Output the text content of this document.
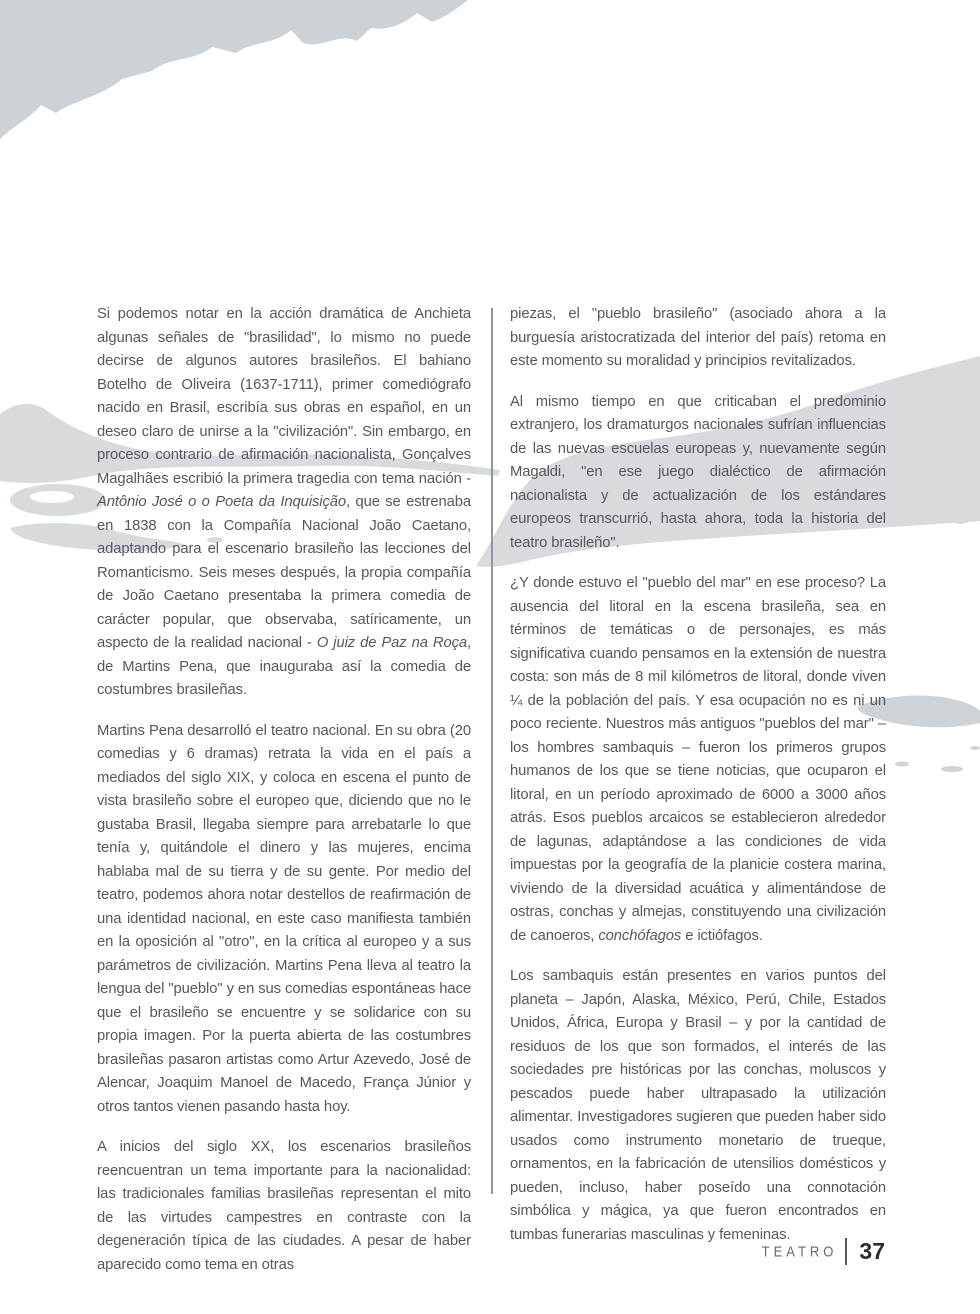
Si podemos notar en la acción dramática de Anchieta algunas señales de "brasilidad", lo mismo no puede decirse de algunos autores brasileños. El bahiano Botelho de Oliveira (1637-1711), primer comediógrafo nacido en Brasil, escribía sus obras en español, en un deseo claro de unirse a la "civilización". Sin embargo, en proceso contrario de afirmación nacionalista, Gonçalves Magalhães escribió la primera tragedia con tema nación - Antônio José o o Poeta da Inquisição, que se estrenaba en 1838 con la Compañía Nacional João Caetano, adaptando para el escenario brasileño las lecciones del Romanticismo. Seis meses después, la propia compañía de João Caetano presentaba la primera comedia de carácter popular, que observaba, satíricamente, un aspecto de la realidad nacional - O juiz de Paz na Roça, de Martins Pena, que inauguraba así la comedia de costumbres brasileñas.

Martins Pena desarrolló el teatro nacional. En su obra (20 comedias y 6 dramas) retrata la vida en el país a mediados del siglo XIX, y coloca en escena el punto de vista brasileño sobre el europeo que, diciendo que no le gustaba Brasil, llegaba siempre para arrebatarle lo que tenía y, quitándole el dinero y las mujeres, encima hablaba mal de su tierra y de su gente. Por medio del teatro, podemos ahora notar destellos de reafirmación de una identidad nacional, en este caso manifiesta también en la oposición al "otro", en la crítica al europeo y a sus parámetros de civilización. Martins Pena lleva al teatro la lengua del "pueblo" y en sus comedias espontáneas hace que el brasileño se encuentre y se solidarice con su propia imagen. Por la puerta abierta de las costumbres brasileñas pasaron artistas como Artur Azevedo, José de Alencar, Joaquim Manoel de Macedo, França Júnior y otros tantos vienen pasando hasta hoy.

A inicios del siglo XX, los escenarios brasileños reencuentran un tema importante para la nacionalidad: las tradicionales familias brasileñas representan el mito de las virtudes campestres en contraste con la degeneración típica de las ciudades. A pesar de haber aparecido como tema en otras

piezas, el "pueblo brasileño" (asociado ahora a la burguesía aristocratizada del interior del país) retoma en este momento su moralidad y principios revitalizados.

Al mismo tiempo en que criticaban el predominio extranjero, los dramaturgos nacionales sufrían influencias de las nuevas escuelas europeas y, nuevamente según Magaldi, "en ese juego dialéctico de afirmación nacionalista y de actualización de los estándares europeos transcurrió, hasta ahora, toda la historia del teatro brasileño".

¿Y donde estuvo el "pueblo del mar" en ese proceso? La ausencia del litoral en la escena brasileña, sea en términos de temáticas o de personajes, es más significativa cuando pensamos en la extensión de nuestra costa: son más de 8 mil kilómetros de litoral, donde viven ¼ de la población del país. Y esa ocupación no es ni un poco reciente. Nuestros más antiguos "pueblos del mar" – los hombres sambaquis – fueron los primeros grupos humanos de los que se tiene noticias, que ocuparon el litoral, en un período aproximado de 6000 a 3000 años atrás. Esos pueblos arcaicos se establecieron alrededor de lagunas, adaptándose a las condiciones de vida impuestas por la geografía de la planicie costera marina, viviendo de la diversidad acuática y alimentándose de ostras, conchas y almejas, constituyendo una civilización de canoeros, conchófagos e ictiófagos.

Los sambaquis están presentes en varios puntos del planeta – Japón, Alaska, México, Perú, Chile, Estados Unidos, África, Europa y Brasil – y por la cantidad de residuos de los que son formados, el interés de las sociedades pre históricas por las conchas, moluscos y pescados puede haber ultrapasado la utilización alimentar. Investigadores sugieren que pueden haber sido usados como instrumento monetario de trueque, ornamentos, en la fabricación de utensilios domésticos y pueden, incluso, haber poseído una connotación simbólica y mágica, ya que fueron encontrados en tumbas funerarias masculinas y femeninas.

TEATRO 37
